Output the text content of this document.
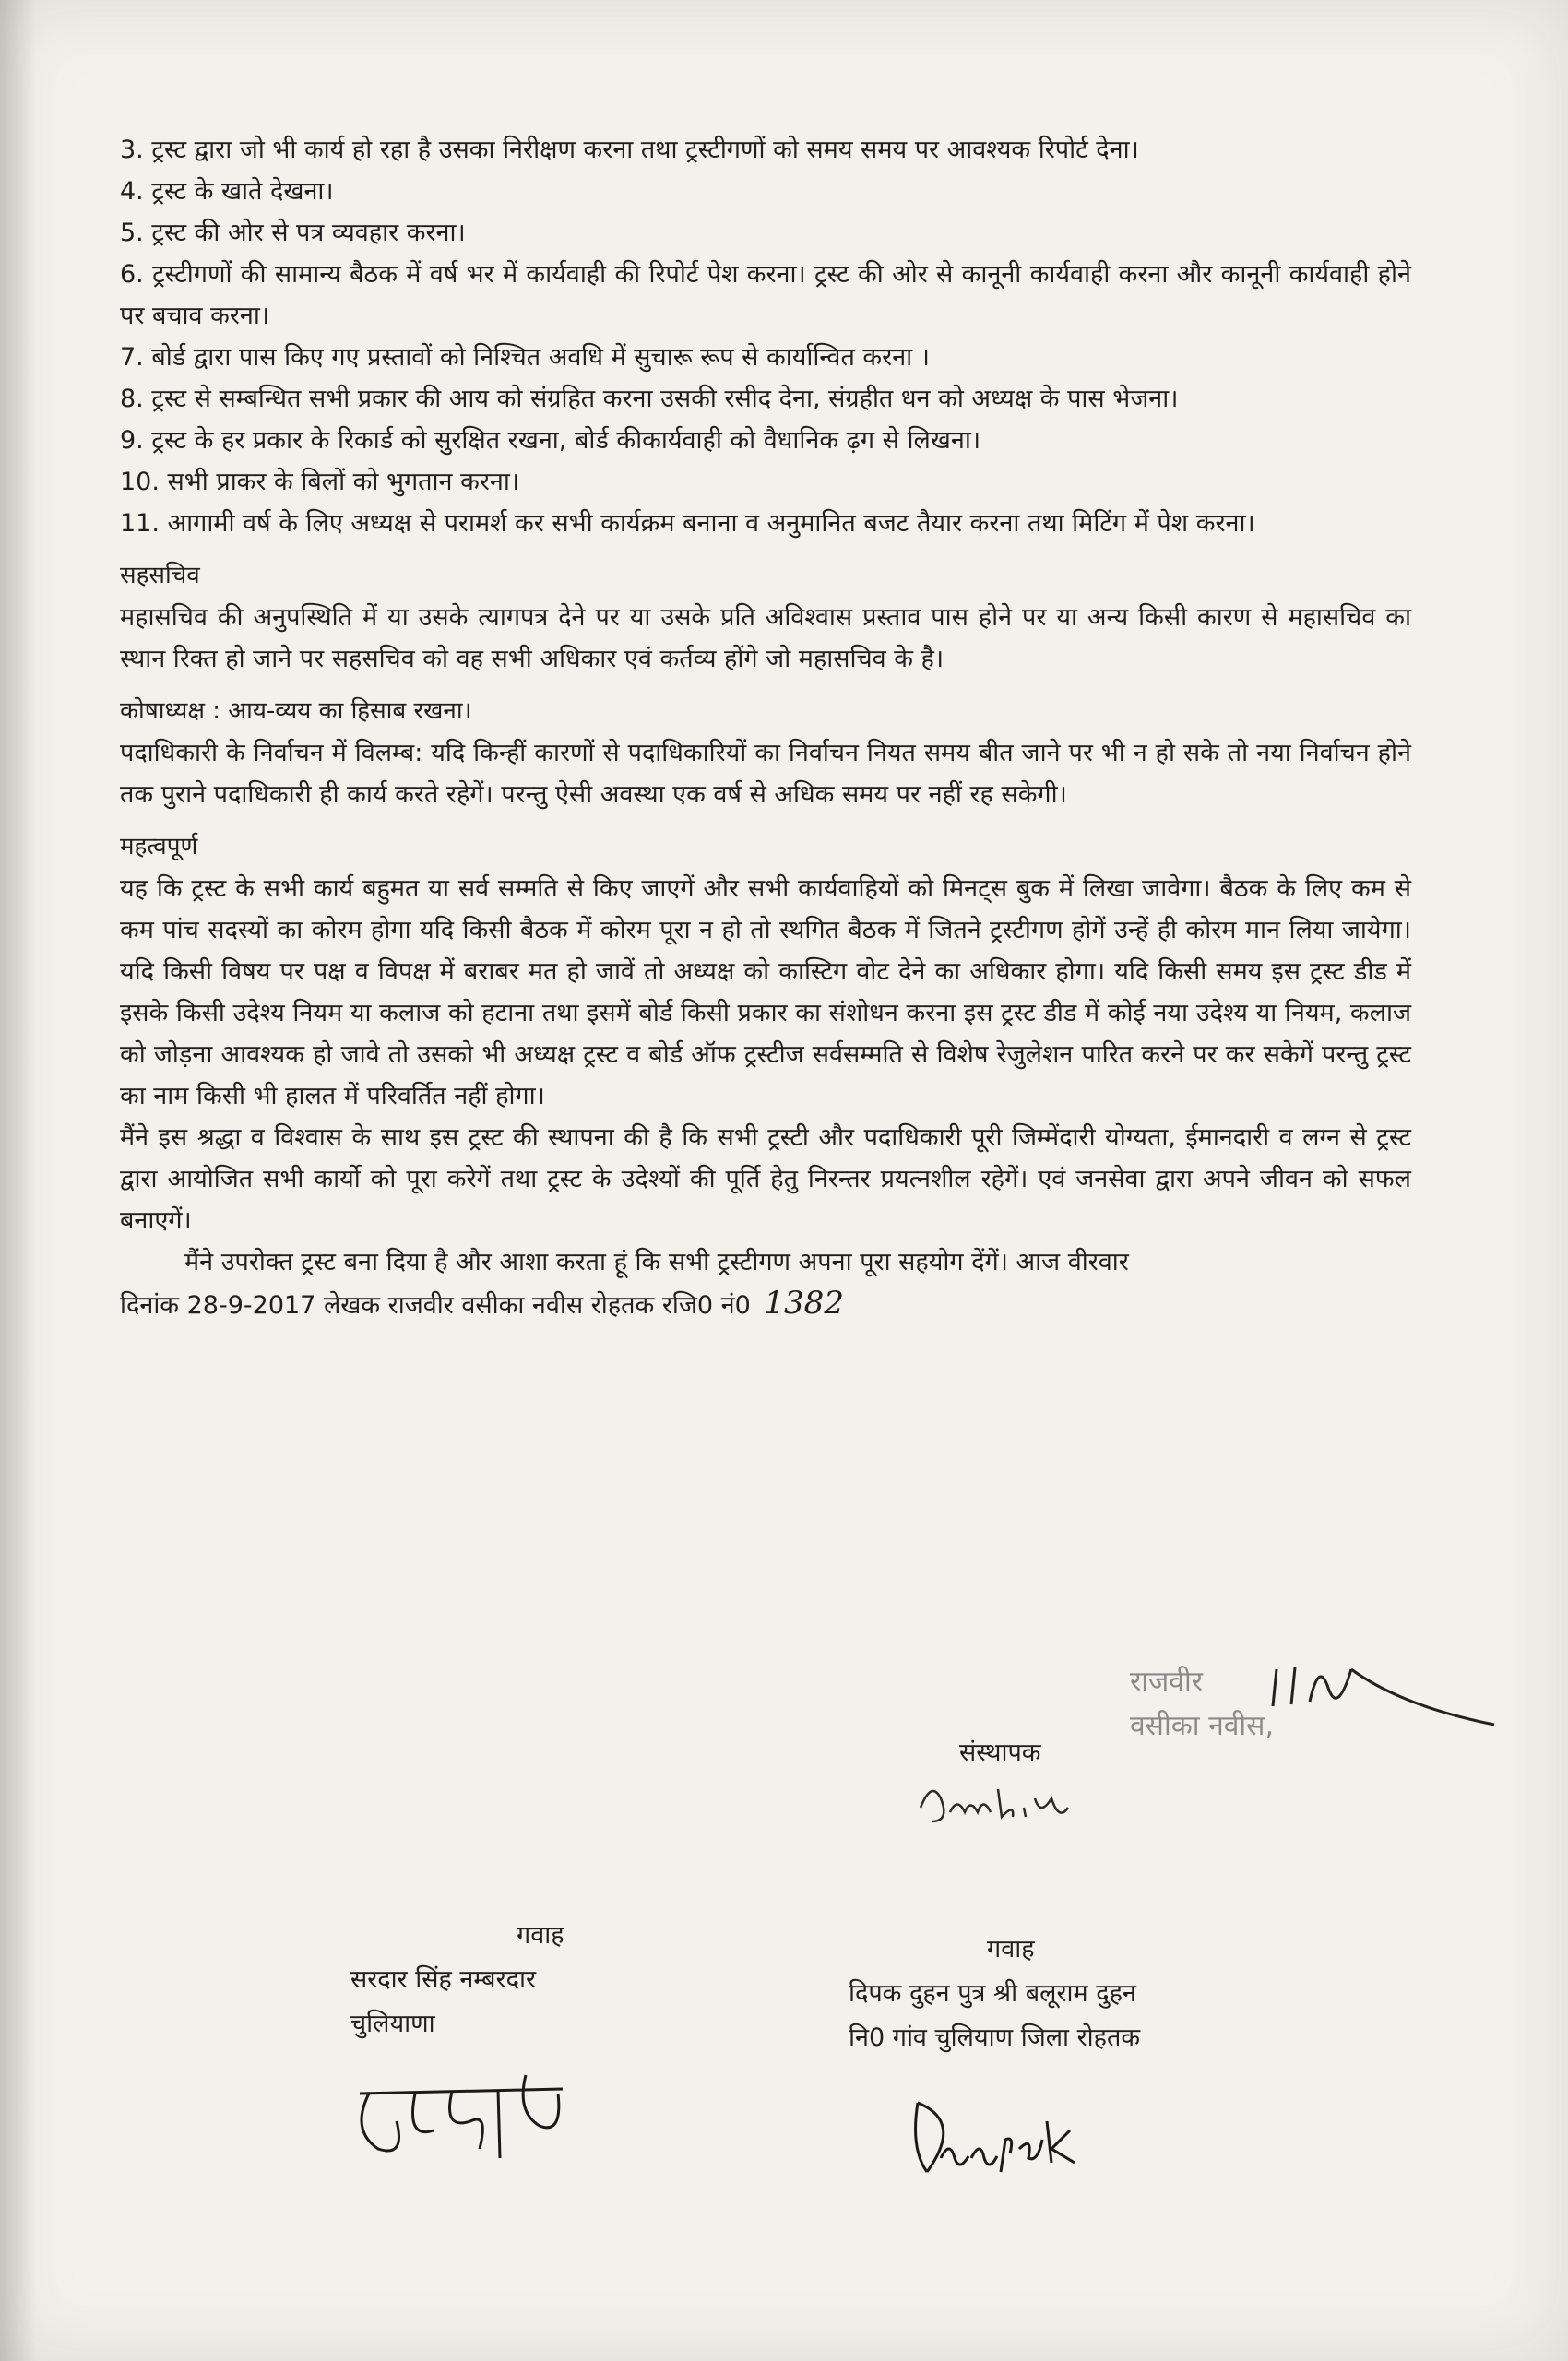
3. ट्रस्ट द्वारा जो भी कार्य हो रहा है उसका निरीक्षण करना तथा ट्रस्टीगणों को समय समय पर आवश्यक रिपोर्ट देना।

4. ट्रस्ट के खाते देखना।

5. ट्रस्ट की ओर से पत्र व्यवहार करना।

6. ट्रस्टीगणों की सामान्य बैठक में वर्ष भर में कार्यवाही की रिपोर्ट पेश करना। ट्रस्ट की ओर से कानूनी कार्यवाही करना और कानूनी कार्यवाही होने पर बचाव करना।

7. बोर्ड द्वारा पास किए गए प्रस्तावों को निश्चित अवधि में सुचारू रूप से कार्यान्वित करना ।

8. ट्रस्ट से सम्बन्धित सभी प्रकार की आय को संग्रहित करना उसकी रसीद देना, संग्रहीत धन को अध्यक्ष के पास भेजना।

9. ट्रस्ट के हर प्रकार के रिकार्ड को सुरक्षित रखना, बोर्ड कीकार्यवाही को वैधानिक ढ़ग से लिखना।

10. सभी प्राकर के बिलों को भुगतान करना।

11. आगामी वर्ष के लिए अध्यक्ष से परामर्श कर सभी कार्यक्रम बनाना व अनुमानित बजट तैयार करना तथा मिटिंग में पेश करना।

सहसचिव

महासचिव की अनुपस्थिति में या उसके त्यागपत्र देने पर या उसके प्रति अविश्वास प्रस्ताव पास होने पर या अन्य किसी कारण से महासचिव का स्थान रिक्त हो जाने पर सहसचिव को वह सभी अधिकार एवं कर्तव्य होंगे जो महासचिव के है।

कोषाध्यक्ष : आय-व्यय का हिसाब रखना।

पदाधिकारी के निर्वाचन में विलम्ब: यदि किन्हीं कारणों से पदाधिकारियों का निर्वाचन नियत समय बीत जाने पर भी न हो सके तो नया निर्वाचन होने तक पुराने पदाधिकारी ही कार्य करते रहेगें। परन्तु ऐसी अवस्था एक वर्ष से अधिक समय पर नहीं रह सकेगी।

महत्वपूर्ण

यह कि ट्रस्ट के सभी कार्य बहुमत या सर्व सम्मति से किए जाएगें और सभी कार्यवाहियों को मिनट्स बुक में लिखा जावेगा। बैठक के लिए कम से कम पांच सदस्यों का कोरम होगा यदि किसी बैठक में कोरम पूरा न हो तो स्थगित बैठक में जितने ट्रस्टीगण होगें उन्हें ही कोरम मान लिया जायेगा। यदि किसी विषय पर पक्ष व विपक्ष में बराबर मत हो जावें तो अध्यक्ष को कास्टिग वोट देने का अधिकार होगा। यदि किसी समय इस ट्रस्ट डीड में इसके किसी उदेश्य नियम या कलाज को हटाना तथा इसमें बोर्ड किसी प्रकार का संशोधन करना इस ट्रस्ट डीड में कोई नया उदेश्य या नियम, कलाज को जोड़ना आवश्यक हो जावे तो उसको भी अध्यक्ष ट्रस्ट व बोर्ड ऑफ ट्रस्टीज सर्वसम्मति से विशेष रेजुलेशन पारित करने पर कर सकेगें परन्तु ट्रस्ट का नाम किसी भी हालत में परिवर्तित नहीं होगा।

मैंने इस श्रद्धा व विश्वास के साथ इस ट्रस्ट की स्थापना की है कि सभी ट्रस्टी और पदाधिकारी पूरी जिम्मेंदारी योग्यता, ईमानदारी व लग्न से ट्रस्ट द्वारा आयोजित सभी कार्यो को पूरा करेगें तथा ट्रस्ट के उदेश्यों की पूर्ति हेतु निरन्तर प्रयत्नशील रहेगें। एवं जनसेवा द्वारा अपने जीवन को सफल बनाएगें।

मैंने उपरोक्त ट्रस्ट बना दिया है और आशा करता हूं कि सभी ट्रस्टीगण अपना पूरा सहयोग देंगें। आज वीरवार

दिनांक 28-9-2017 लेखक राजवीर वसीका नवीस रोहतक रजि0 नं0 1382

राजवीर
वसीका नवीस,
संस्थापक
गवाह
सरदार सिंह नम्बरदार
चुलियाणा
गवाह
दिपक दुहन पुत्र श्री बलूराम दुहन
नि0 गांव चुलियाण जिला रोहतक
